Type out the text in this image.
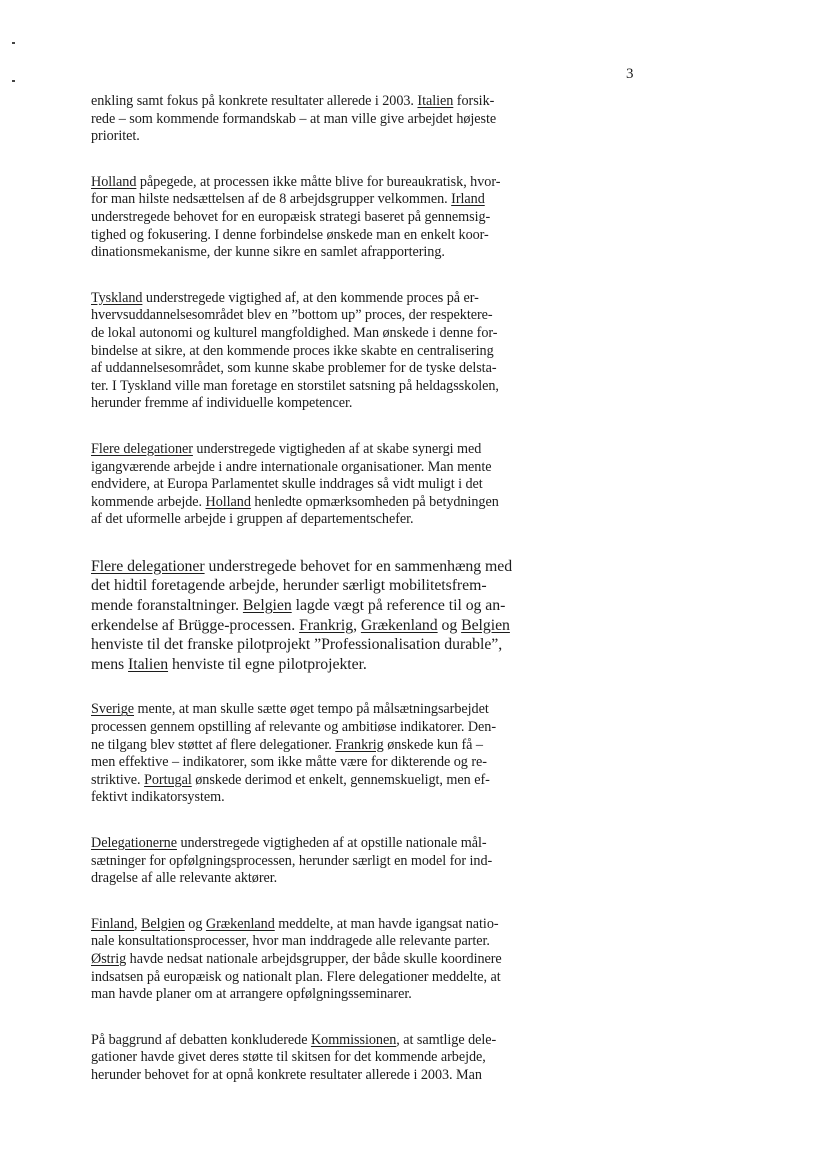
3
enkling samt fokus på konkrete resultater allerede i 2003. Italien forsik-
rede – som kommende formandskab – at man ville give arbejdet højeste
prioritet.
Holland påpegede, at processen ikke måtte blive for bureaukratisk, hvor-
for man hilste nedsættelsen af de 8 arbejdsgrupper velkommen. Irland
understregede behovet for en europæisk strategi baseret på gennemsig-
tighed og fokusering. I denne forbindelse ønskede man en enkelt koor-
dinationsmekanisme, der kunne sikre en samlet afrapportering.
Tyskland understregede vigtighed af, at den kommende proces på er-
hvervsuddannelsesområdet blev en ”bottom up” proces, der respektere-
de lokal autonomi og kulturel mangfoldighed. Man ønskede i denne for-
bindelse at sikre, at den kommende proces ikke skabte en centralisering
af uddannelsesområdet, som kunne skabe problemer for de tyske delsta-
ter. I Tyskland ville man foretage en storstilet satsning på heldagsskolen,
herunder fremme af individuelle kompetencer.
Flere delegationer understregede vigtigheden af at skabe synergi med
igangværende arbejde i andre internationale organisationer. Man mente
endvidere, at Europa Parlamentet skulle inddrages så vidt muligt i det
kommende arbejde. Holland henledte opmærksomheden på betydningen
af det uformelle arbejde i gruppen af departementschefer.
Flere delegationer understregede behovet for en sammenhæng med
det hidtil foretagende arbejde, herunder særligt mobilitetsfrem-
mende foranstaltninger. Belgien lagde vægt på reference til og an-
erkendelse af Brügge-processen. Frankrig, Grækenland og Belgien
henviste til det franske pilotprojekt ”Professionalisation durable”,
mens Italien henviste til egne pilotprojekter.
Sverige mente, at man skulle sætte øget tempo på målsætningsarbejdet
processen gennem opstilling af relevante og ambitiøse indikatorer. Den-
ne tilgang blev støttet af flere delegationer. Frankrig ønskede kun få –
men effektive – indikatorer, som ikke måtte være for dikterende og re-
striktive. Portugal ønskede derimod et enkelt, gennemskueligt, men ef-
fektivt indikatorsystem.
Delegationerne understregede vigtigheden af at opstille nationale mål-
sætninger for opfølgningsprocessen, herunder særligt en model for ind-
dragelse af alle relevante aktører.
Finland, Belgien og Grækenland meddelte, at man havde igangsat natio-
nale konsultationsprocesser, hvor man inddragede alle relevante parter.
Østrig havde nedsat nationale arbejdsgrupper, der både skulle koordinere
indsatsen på europæisk og nationalt plan. Flere delegationer meddelte, at
man havde planer om at arrangere opfølgningsseminarer.
På baggrund af debatten konkluderede Kommissionen, at samtlige dele-
gationer havde givet deres støtte til skitsen for det kommende arbejde,
herunder behovet for at opnå konkrete resultater allerede i 2003. Man
